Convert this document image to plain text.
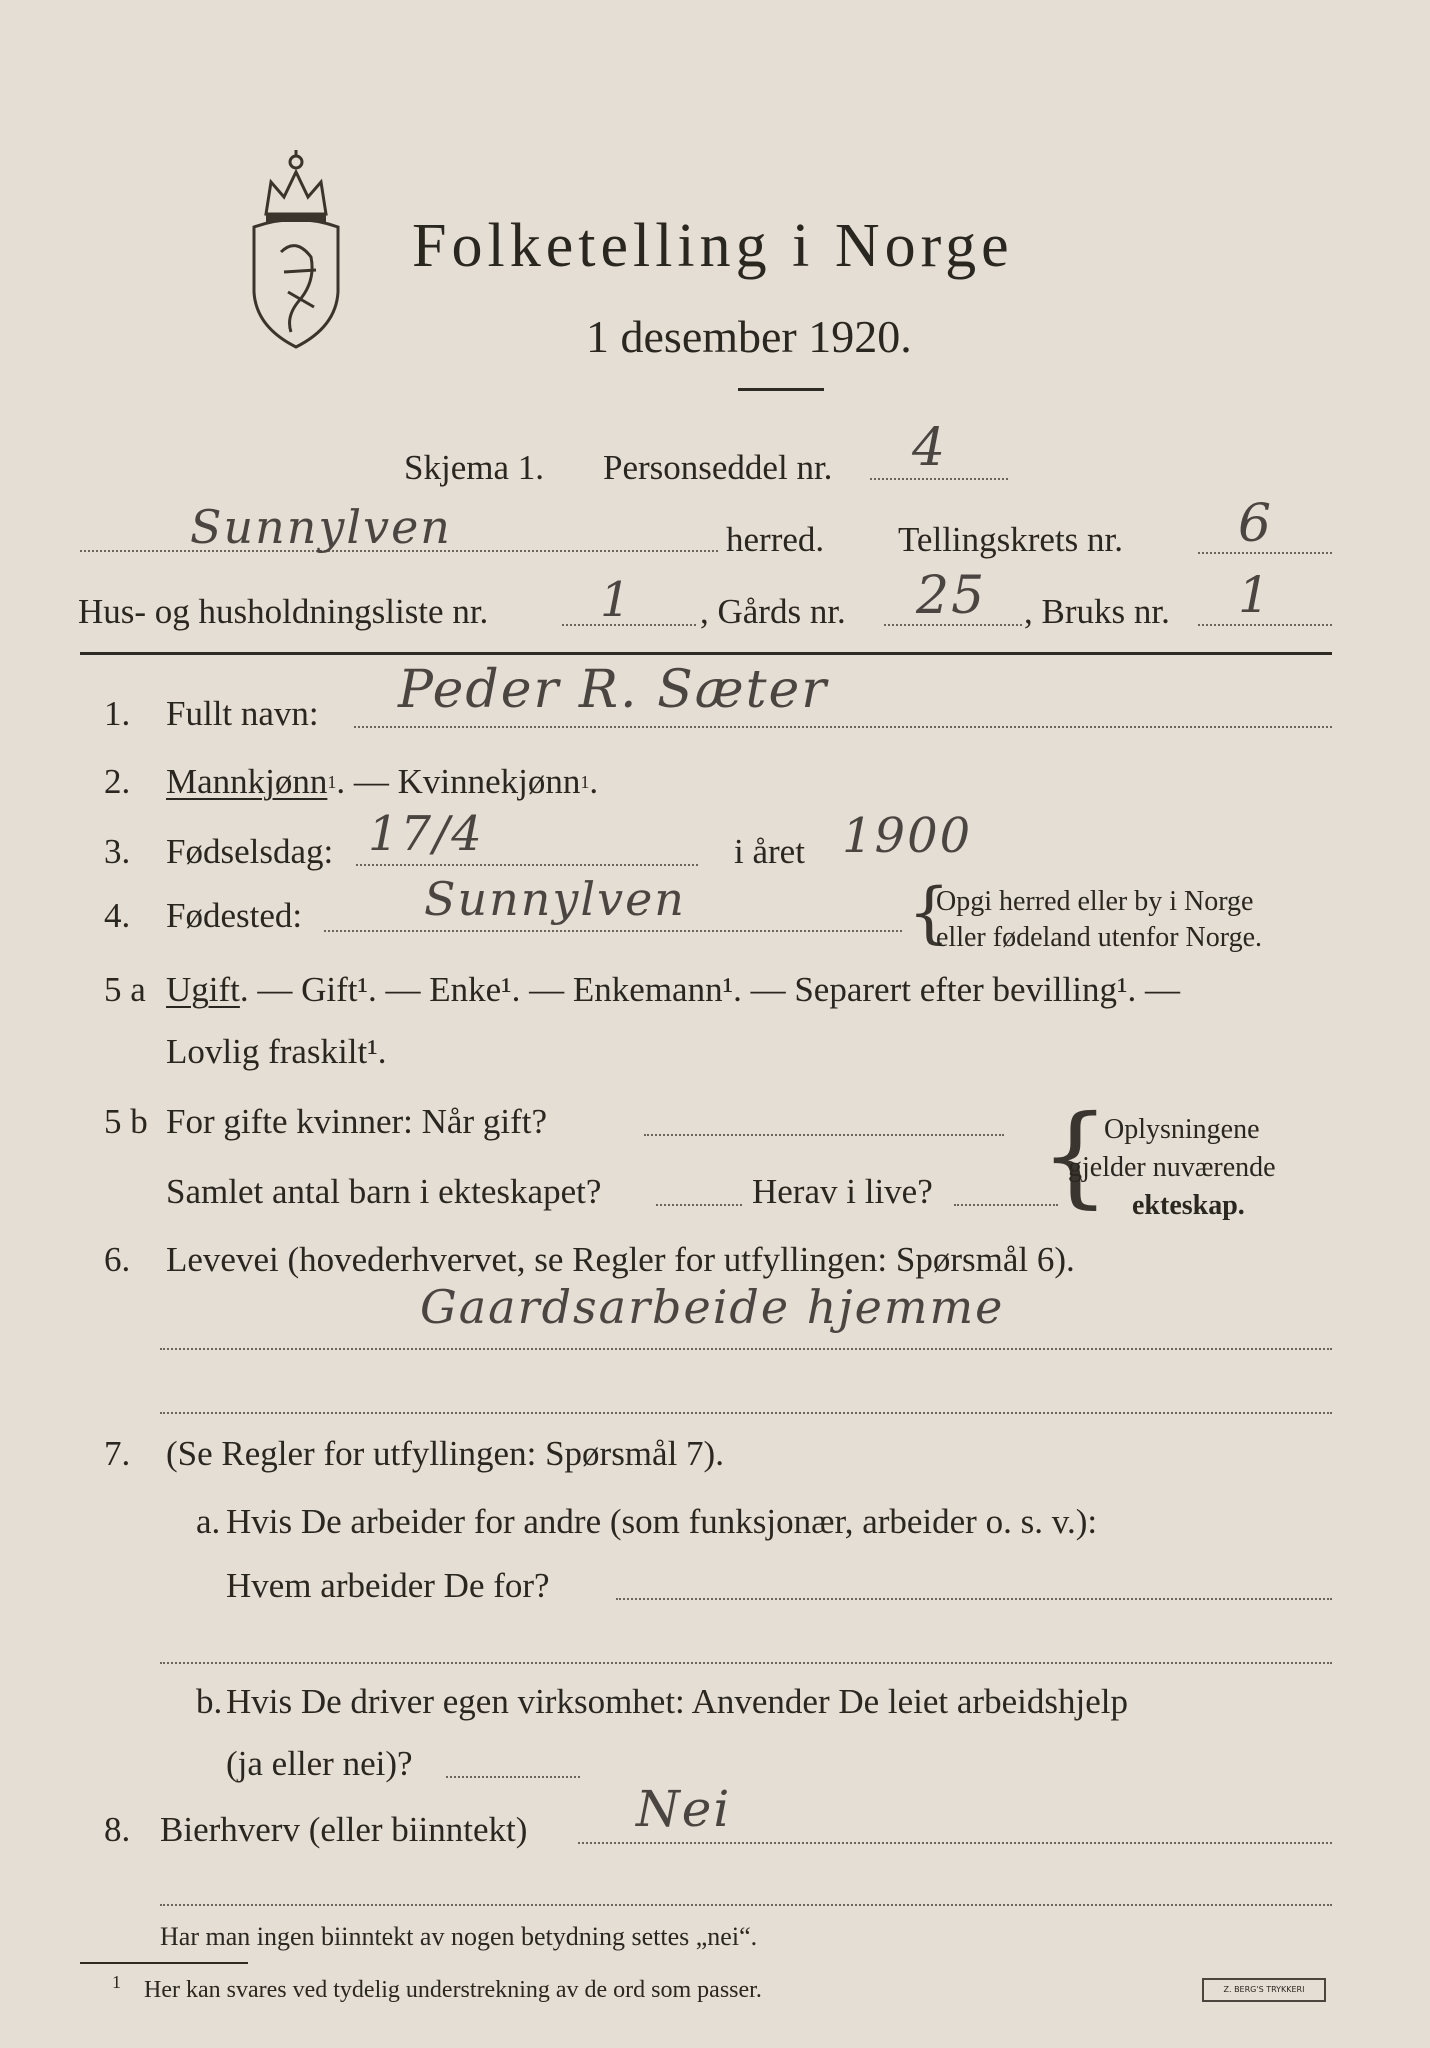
Folketelling i Norge
1 desember 1920.
Skjema 1. Personseddel nr. 4
Sunnylven	herred. Tellingskrets nr. 6
Hus- og husholdningsliste nr. 1 , Gårds nr. 25 , Bruks nr. 1
1. Fullt navn: Peder R. Sæter
2. Mannkjønn$^1$. — Kvinnekjønn$^1$.
3. Fødselsdag: 17/4	i året 1900
4. Fødested:	Sunnylven	{
Opgi herred eller by i Norge
eller fødeland utenfor Norge.
5 a Ugift. — Gift¹. — Enke¹. — Enkemann¹. — Separert efter bevilling¹. —
Lovlig fraskilt¹.
5 b For gifte kvinner: Når gift?
Samlet antal barn i ekteskapet?	Herav i live? {
Oplysningene
gjelder nuværende
ekteskap.
6. Levevei (hovederhvervet, se Regler for utfyllingen: Spørsmål 6).
Gaardsarbeide hjemme
7. (Se Regler for utfyllingen: Spørsmål 7).
a. Hvis De arbeider for andre (som funksjonær, arbeider o. s. v.):
Hvem arbeider De for?
b. Hvis De driver egen virksomhet: Anvender De leiet arbeidshjelp
(ja eller nei)?
8. Bierhverv (eller biinntekt) Nei
Har man ingen biinntekt av nogen betydning settes „nei“.
1 Her kan svares ved tydelig understrekning av de ord som passer.	Z. BERG'S TRYKKERI
